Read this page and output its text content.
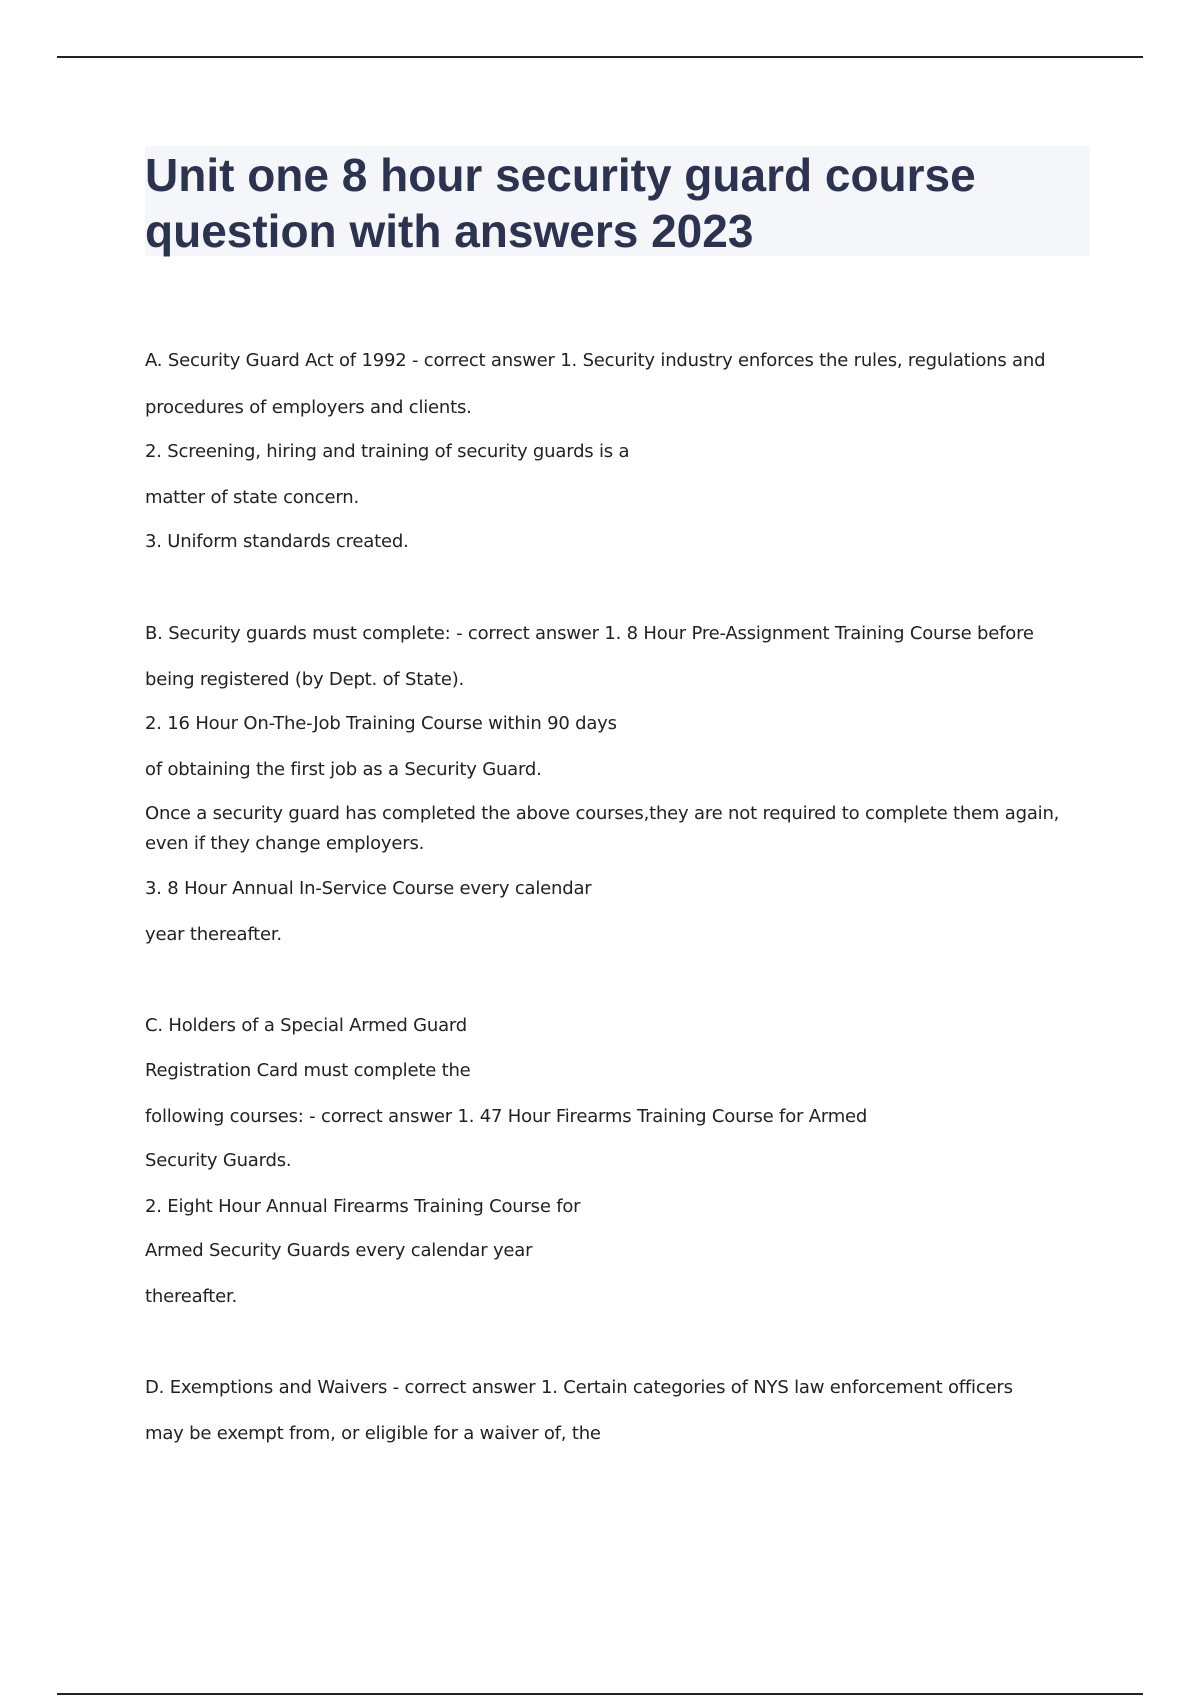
Unit one 8 hour security guard course question with answers 2023

A. Security Guard Act of 1992 - correct answer 1. Security industry enforces the rules, regulations and

procedures of employers and clients.

2. Screening, hiring and training of security guards is a

matter of state concern.

3. Uniform standards created.

B. Security guards must complete: - correct answer 1. 8 Hour Pre-Assignment Training Course before

being registered (by Dept. of State).

2. 16 Hour On-The-Job Training Course within 90 days

of obtaining the first job as a Security Guard.

Once a security guard has completed the above courses,they are not required to complete them again,

even if they change employers.

3. 8 Hour Annual In-Service Course every calendar

year thereafter.

C. Holders of a Special Armed Guard

Registration Card must complete the

following courses: - correct answer 1. 47 Hour Firearms Training Course for Armed

Security Guards.

2. Eight Hour Annual Firearms Training Course for

Armed Security Guards every calendar year

thereafter.

D. Exemptions and Waivers - correct answer 1. Certain categories of NYS law enforcement officers

may be exempt from, or eligible for a waiver of, the
